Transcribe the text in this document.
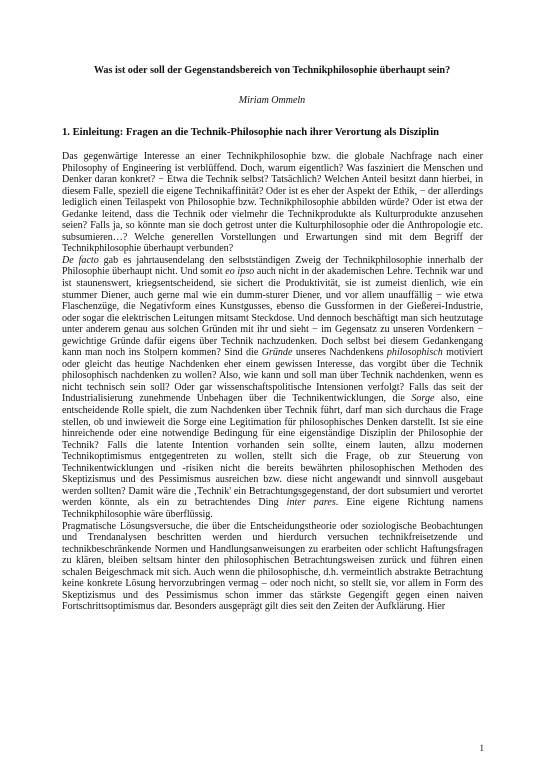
Was ist oder soll der Gegenstandsbereich von Technikphilosophie überhaupt sein?
Miriam Ommeln
1. Einleitung: Fragen an die Technik-Philosophie nach ihrer Verortung als Disziplin

Das gegenwärtige Interesse an einer Technikphilosophie bzw. die globale Nachfrage nach einer Philosophy of Engineering ist verblüffend. Doch, warum eigentlich? Was fasziniert die Menschen und Denker daran konkret? − Etwa die Technik selbst? Tatsächlich? Welchen Anteil besitzt dann hierbei, in diesem Falle, speziell die eigene Technikaffinität? Oder ist es eher der Aspekt der Ethik, − der allerdings lediglich einen Teilaspekt von Philosophie bzw. Technikphilosophie abbilden würde? Oder ist etwa der Gedanke leitend, dass die Technik oder vielmehr die Technikprodukte als Kulturprodukte anzusehen seien? Falls ja, so könnte man sie doch getrost unter die Kulturphilosophie oder die Anthropologie etc. subsumieren…? Welche generellen Vorstellungen und Erwartungen sind mit dem Begriff der Technikphilosophie überhaupt verbunden?

De facto gab es jahrtausendelang den selbstständigen Zweig der Technikphilosophie innerhalb der Philosophie überhaupt nicht. Und somit eo ipso auch nicht in der akademischen Lehre. Technik war und ist staunenswert, kriegsentscheidend, sie sichert die Produktivität, sie ist zumeist dienlich, wie ein stummer Diener, auch gerne mal wie ein dumm-sturer Diener, und vor allem unauffällig − wie etwa Flaschenzüge, die Negativform eines Kunstgusses, ebenso die Gussformen in der Gießerei-Industrie, oder sogar die elektrischen Leitungen mitsamt Steckdose. Und dennoch beschäftigt man sich heutzutage unter anderem genau aus solchen Gründen mit ihr und sieht − im Gegensatz zu unseren Vordenkern − gewichtige Gründe dafür eigens über Technik nachzudenken. Doch selbst bei diesem Gedankengang kann man noch ins Stolpern kommen? Sind die Gründe unseres Nachdenkens philosophisch motiviert oder gleicht das heutige Nachdenken eher einem gewissen Interesse, das vorgibt über die Technik philosophisch nachdenken zu wollen? Also, wie kann und soll man über Technik nachdenken, wenn es nicht technisch sein soll? Oder gar wissenschaftspolitische Intensionen verfolgt? Falls das seit der Industrialisierung zunehmende Unbehagen über die Technikentwicklungen, die Sorge also, eine entscheidende Rolle spielt, die zum Nachdenken über Technik führt, darf man sich durchaus die Frage stellen, ob und inwieweit die Sorge eine Legitimation für philosophisches Denken darstellt. Ist sie eine hinreichende oder eine notwendige Bedingung für eine eigenständige Disziplin der Philosophie der Technik? Falls die latente Intention vorhanden sein sollte, einem lauten, allzu modernen Technikoptimismus entgegentreten zu wollen, stellt sich die Frage, ob zur Steuerung von Technikentwicklungen und -risiken nicht die bereits bewährten philosophischen Methoden des Skeptizismus und des Pessimismus ausreichen bzw. diese nicht angewandt und sinnvoll ausgebaut werden sollten? Damit wäre die ‚Technik' ein Betrachtungsgegenstand, der dort subsumiert und verortet werden könnte, als ein zu betrachtendes Ding inter pares. Eine eigene Richtung namens Technikphilosophie wäre überflüssig.

Pragmatische Lösungsversuche, die über die Entscheidungstheorie oder soziologische Beobachtungen und Trendanalysen beschritten werden und hierdurch versuchen technikfreisetzende und technikbeschränkende Normen und Handlungsanweisungen zu erarbeiten oder schlicht Haftungsfragen zu klären, bleiben seltsam hinter den philosophischen Betrachtungsweisen zurück und führen einen schalen Beigeschmack mit sich. Auch wenn die philosophische, d.h. vermeintlich abstrakte Betrachtung keine konkrete Lösung hervorzubringen vermag – oder noch nicht, so stellt sie, vor allem in Form des Skeptizismus und des Pessimismus schon immer das stärkste Gegengift gegen einen naiven Fortschrittsoptimismus dar. Besonders ausgeprägt gilt dies seit den Zeiten der Aufklärung. Hier

1
